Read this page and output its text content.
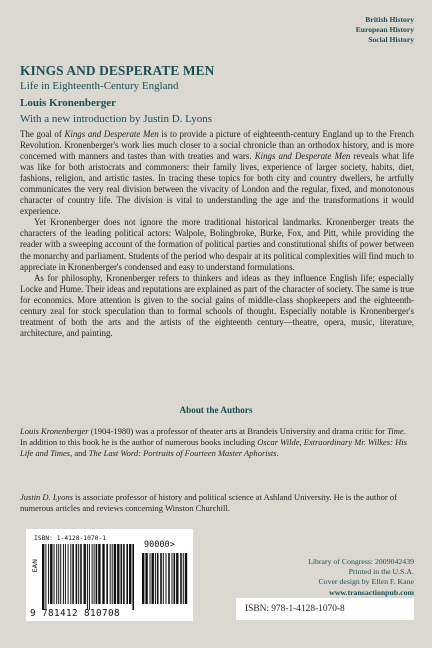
British History
European History
Social History
KINGS AND DESPERATE MEN
Life in Eighteenth-Century England
Louis Kronenberger
With a new introduction by Justin D. Lyons

The goal of Kings and Desperate Men is to provide a picture of eighteenth-century England up to the French Revolution. Kronenberger's work lies much closer to a social chronicle than an orthodox history, and is more concerned with manners and tastes than with treaties and wars. Kings and Desperate Men reveals what life was like for both aristocrats and commoners: their family lives, experience of larger society, habits, diet, fashions, religion, and artistic tastes. In tracing these topics for both city and country dwellers, he artfully communicates the very real division between the vivacity of London and the regular, fixed, and monotonous character of country life. The division is vital to understanding the age and the transformations it would experience.

Yet Kronenberger does not ignore the more traditional historical landmarks. Kronenberger treats the characters of the leading political actors: Walpole, Bolingbroke, Burke, Fox, and Pitt, while providing the reader with a sweeping account of the formation of political parties and constitutional shifts of power between the monarchy and parliament. Students of the period who despair at its political complexities will find much to appreciate in Kronenberger's condensed and easy to understand formulations.

As for philosophy, Kronenberger refers to thinkers and ideas as they influence English life; especially Locke and Hume. Their ideas and reputations are explained as part of the character of society. The same is true for economics. More attention is given to the social gains of middle-class shopkeepers and the eighteenth-century zeal for stock speculation than to formal schools of thought. Especially notable is Kronenberger's treatment of both the arts and the artists of the eighteenth century—theatre, opera, music, literature, architecture, and painting.

About the Authors
Louis Kronenberger (1904-1980) was a professor of theater arts at Brandeis University and drama critic for Time. In addition to this book he is the author of numerous books including Oscar Wilde, Extraordinary Mr. Wilkes: His Life and Times, and The Last Word: Portraits of Fourteen Master Aphorists.
Justin D. Lyons is associate professor of history and political science at Ashland University. He is the author of numerous articles and reviews concerning Winston Churchill.
ISBN: 1-4128-1070-1
90000>
EAN
9 781412 810708
Library of Congress: 2009042439
Printed in the U.S.A.
Cover design by Ellen F. Kane
www.transactionpub.com
ISBN: 978-1-4128-1070-8
